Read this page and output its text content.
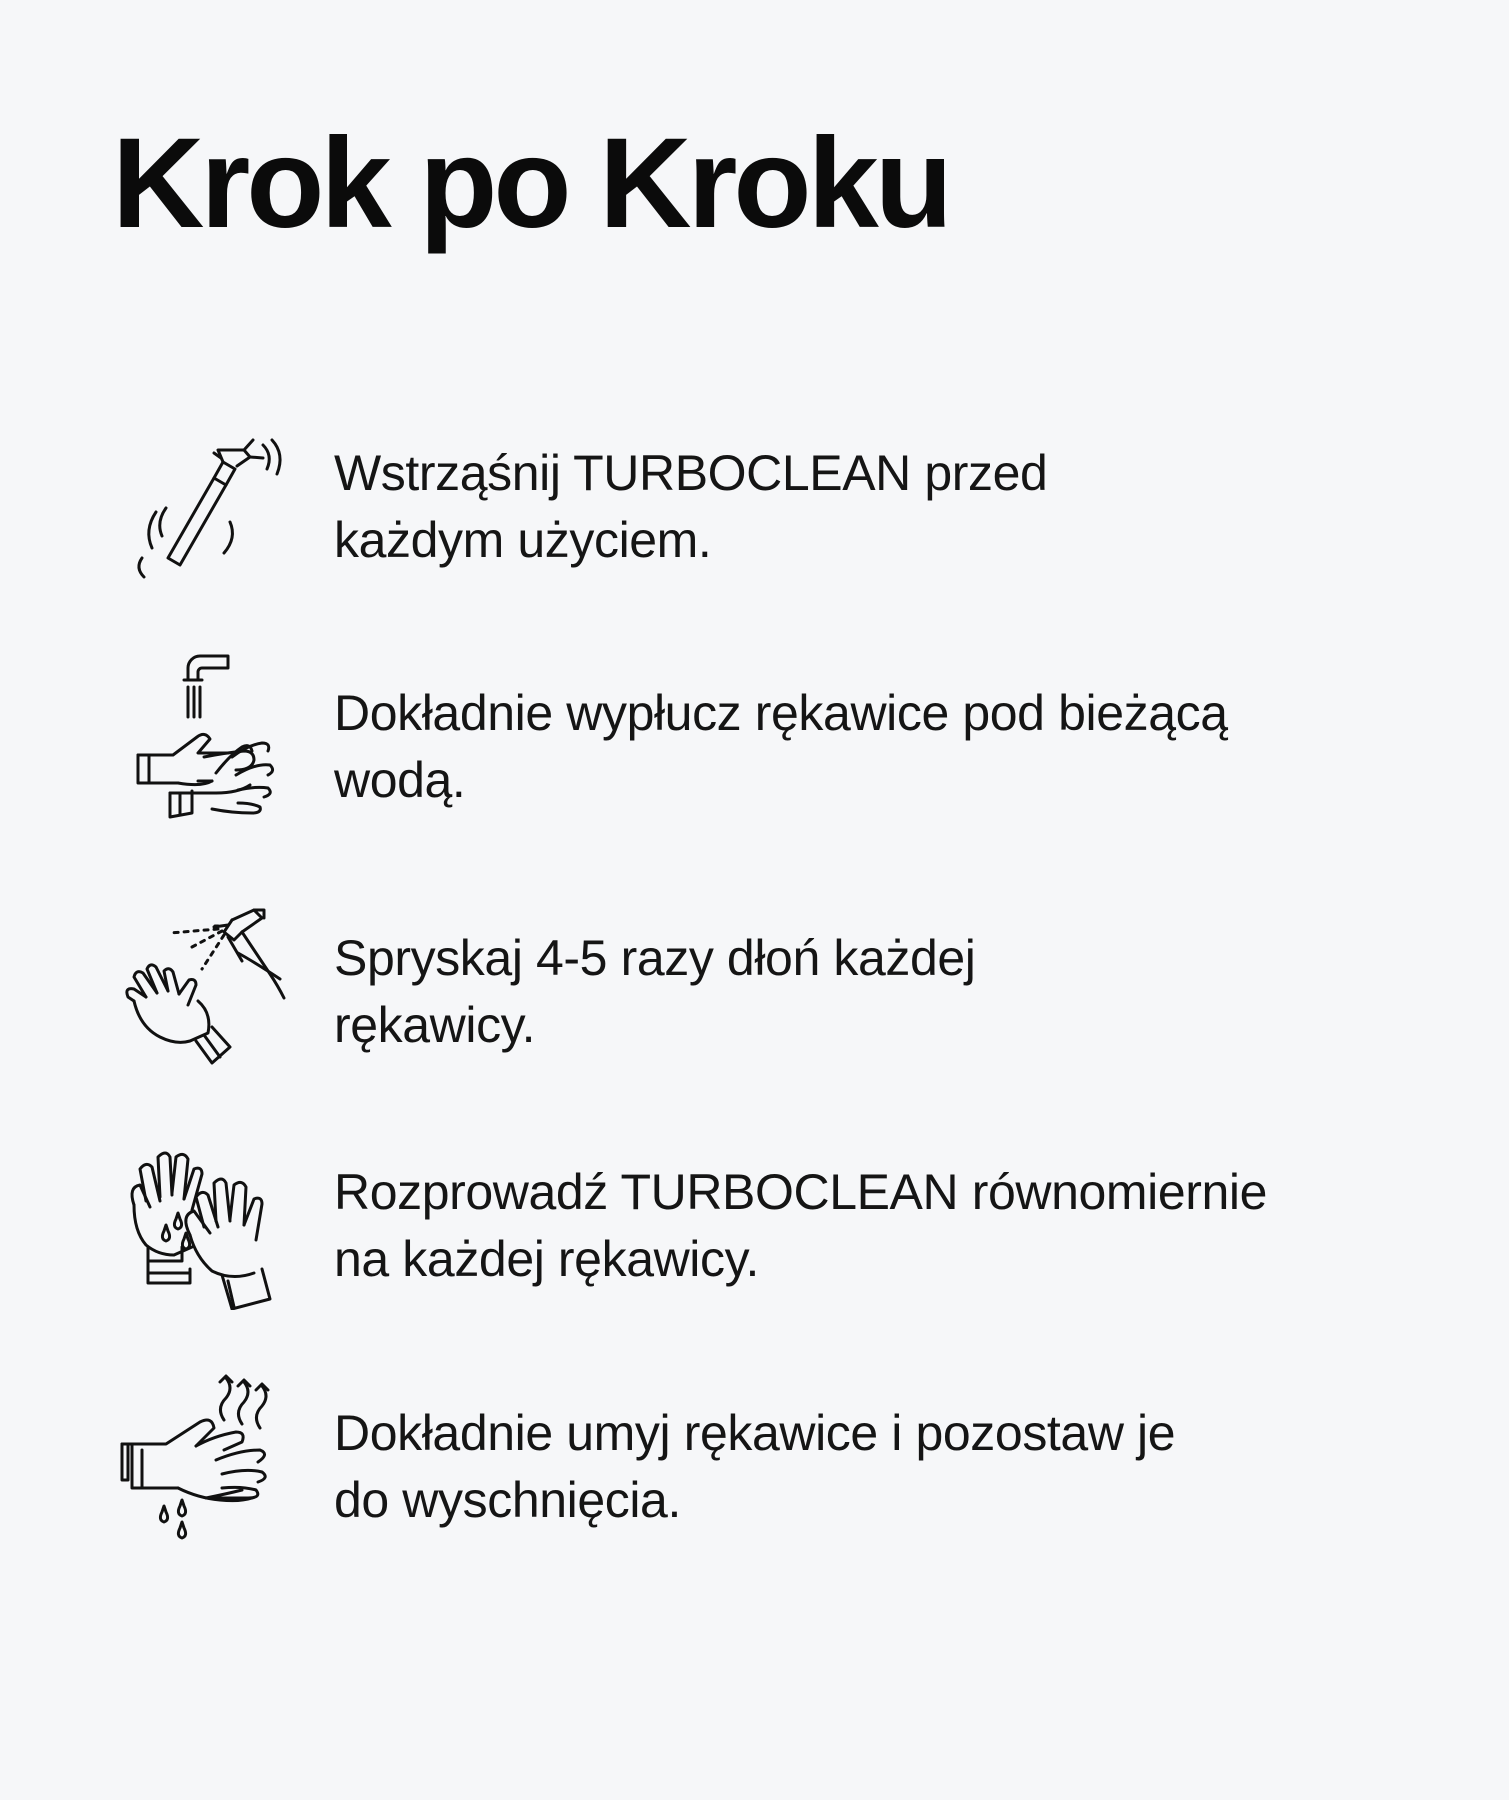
Krok po Kroku

Wstrząśnij TURBOCLEAN przed
każdym użyciem.

Dokładnie wypłucz rękawice pod bieżącą
wodą.

Spryskaj 4-5 razy dłoń każdej
rękawicy.

Rozprowadź TURBOCLEAN równomiernie
na każdej rękawicy.

Dokładnie umyj rękawice i pozostaw je
do wyschnięcia.
